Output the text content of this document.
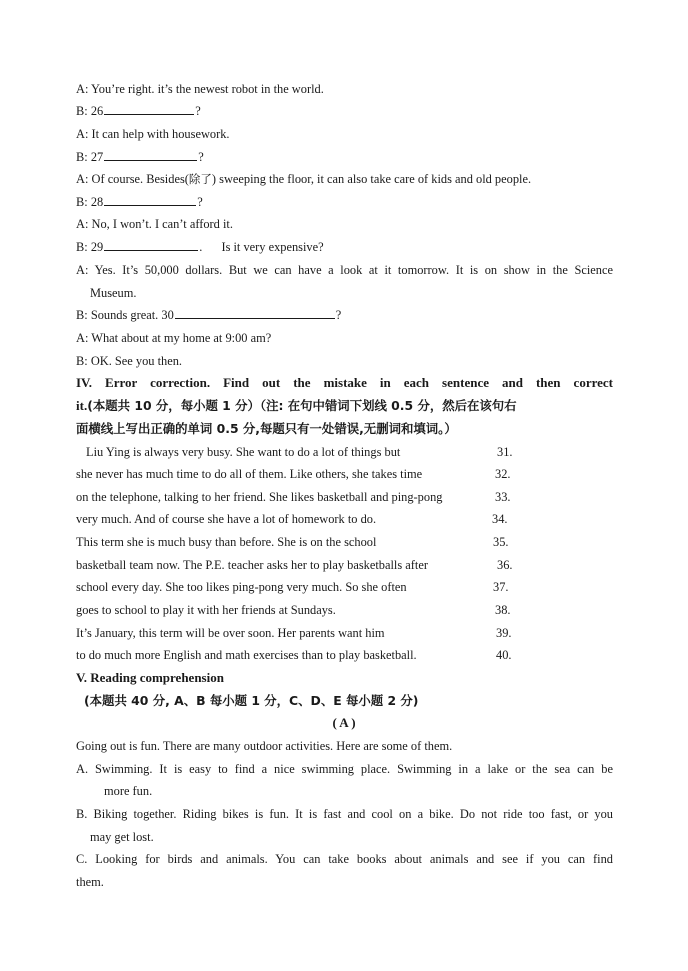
A: You’re right. it’s the newest robot in the world.
B: 26	?
A: It can help with housework.
B: 27	?
A: Of course. Besides(除了) sweeping the floor, it can also take care of kids and old people.
B: 28	?
A: No, I won’t. I can’t afford it.
B: 29	. Is it very expensive?
A: Yes. It’s 50,000 dollars. But we can have a look at it tomorrow. It is on show in the Science
Museum.
B: Sounds great. 30	?
A: What about at my home at 9:00 am?
B: OK. See you then.
IV. Error correction. Find out the mistake in each sentence and then correct
it.(本题共 10 分，每小题 1 分）（注: 在句中错词下划线 0.5 分，然后在该句右
面横线上写出正确的单词 0.5 分,每题只有一处错误,无删词和填词。）
Liu Ying is always very busy. She want to do a lot of things but	31.
she never has much time to do all of them. Like others, she takes time	32.
on the telephone, talking to her friend. She likes basketball and ping-pong	33.
very much. And of course she have a lot of homework to do.	34.
This term she is much busy than before. She is on the school	35.
basketball team now. The P.E. teacher asks her to play basketballs after	36.
school every day. She too likes ping-pong very much. So she often	37.
goes to school to play it with her friends at Sundays.	38.
It’s January, this term will be over soon. Her parents want him	39.
to do much more English and math exercises than to play basketball.	40.
V. Reading comprehension
(本题共 40 分, A、B 每小题 1 分，C、D、E 每小题 2 分)
( A )
Going out is fun. There are many outdoor activities. Here are some of them.
A. Swimming. It is easy to find a nice swimming place. Swimming in a lake or the sea can be
more fun.
B. Biking together. Riding bikes is fun. It is fast and cool on a bike. Do not ride too fast, or you
may get lost.
C. Looking for birds and animals. You can take books about animals and see if you can find
them.
